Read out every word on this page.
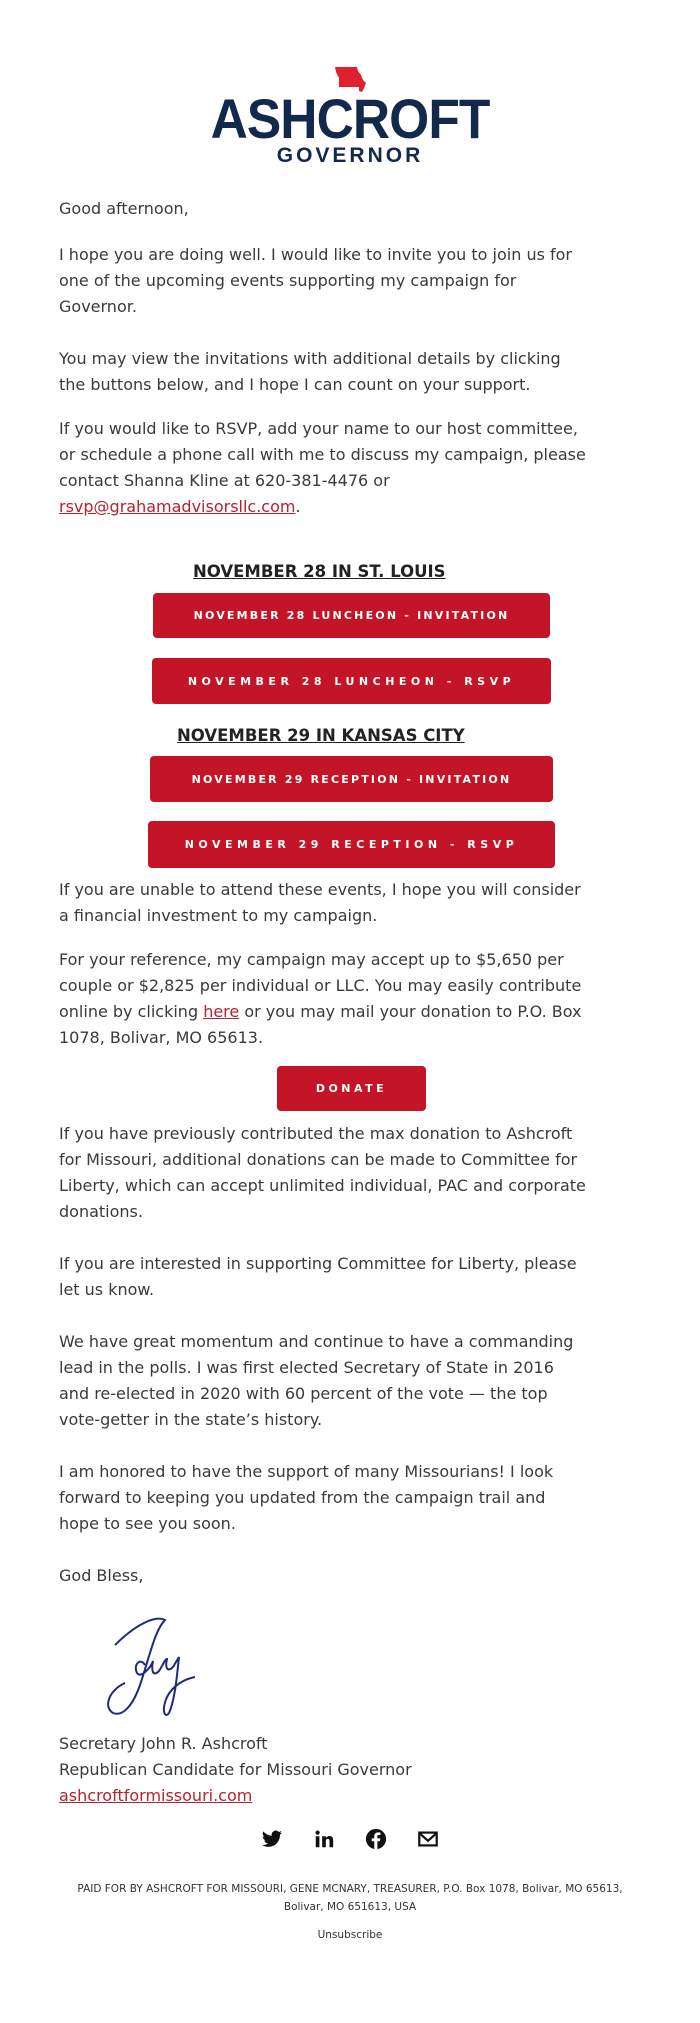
ASHCROFT
GOVERNOR

Good afternoon,

I hope you are doing well. I would like to invite you to join us for one of the upcoming events supporting my campaign for Governor.

You may view the invitations with additional details by clicking the buttons below, and I hope I can count on your support.

If you would like to RSVP, add your name to our host committee, or schedule a phone call with me to discuss my campaign, please contact Shanna Kline at 620-381-4476 or rsvp@grahamadvisorsllc.com.

NOVEMBER 28 IN ST. LOUIS
NOVEMBER 28 LUNCHEON - INVITATION
NOVEMBER 28 LUNCHEON - RSVP
NOVEMBER 29 IN KANSAS CITY
NOVEMBER 29 RECEPTION - INVITATION
NOVEMBER 29 RECEPTION - RSVP

If you are unable to attend these events, I hope you will consider a financial investment to my campaign.

For your reference, my campaign may accept up to $5,650 per couple or $2,825 per individual or LLC. You may easily contribute online by clicking here or you may mail your donation to P.O. Box 1078, Bolivar, MO 65613.

DONATE

If you have previously contributed the max donation to Ashcroft for Missouri, additional donations can be made to Committee for Liberty, which can accept unlimited individual, PAC and corporate donations.

If you are interested in supporting Committee for Liberty, please let us know.

We have great momentum and continue to have a commanding lead in the polls. I was first elected Secretary of State in 2016 and re-elected in 2020 with 60 percent of the vote — the top vote-getter in the state’s history.

I am honored to have the support of many Missourians! I look forward to keeping you updated from the campaign trail and hope to see you soon.

God Bless,

Secretary John R. Ashcroft

Republican Candidate for Missouri Governor

ashcroftformissouri.com

PAID FOR BY ASHCROFT FOR MISSOURI, GENE MCNARY, TREASURER, P.O. Box 1078, Bolivar, MO 65613, Bolivar, MO 651613, USA
Unsubscribe
